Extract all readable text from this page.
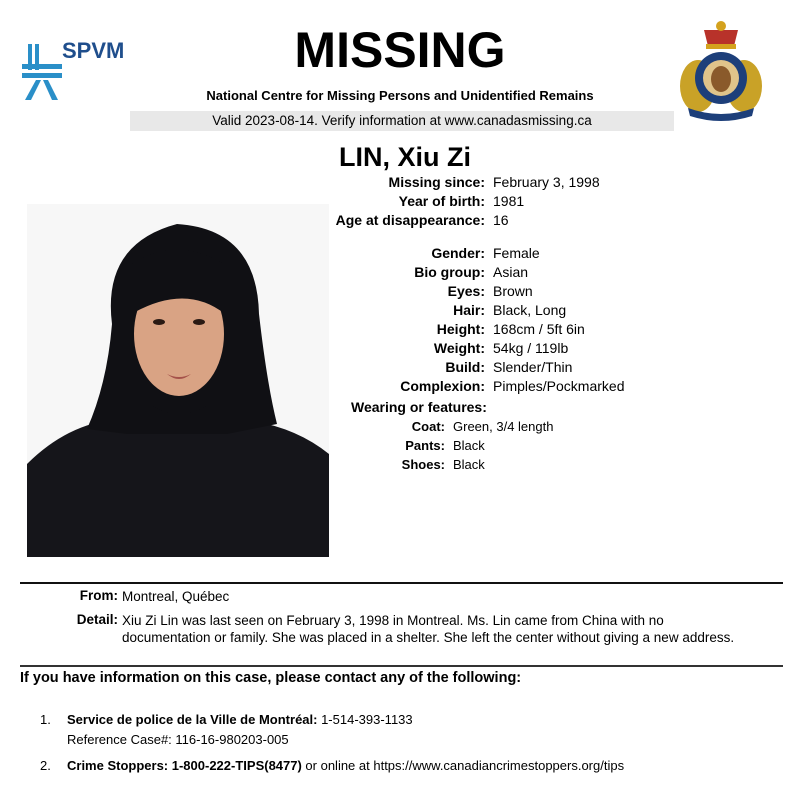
SPVM	MISSING
National Centre for Missing Persons and Unidentified Remains
Valid 2023-08-14. Verify information at www.canadasmissing.ca
LIN, Xiu Zi
Missing since: February 3, 1998
Year of birth: 1981
Age at disappearance: 16
Gender: Female
Bio group: Asian
Eyes: Brown
Hair: Black, Long
Height: 168cm / 5ft 6in
Weight: 54kg / 119lb
Build: Slender/Thin
Complexion: Pimples/Pockmarked
Wearing or features:
Coat: Green, 3/4 length
Pants: Black
Shoes: Black
From: Montreal, Québec
Detail: Xiu Zi Lin was last seen on February 3, 1998 in Montreal. Ms. Lin came from China with no documentation or family. She was placed in a shelter. She left the center without giving a new address.
If you have information on this case, please contact any of the following:
1.	Service de police de la Ville de Montréal: 1-514-393-1133
Reference Case#: 116-16-980203-005
2.	Crime Stoppers: 1-800-222-TIPS(8477) or online at https://www.canadiancrimestoppers.org/tips
